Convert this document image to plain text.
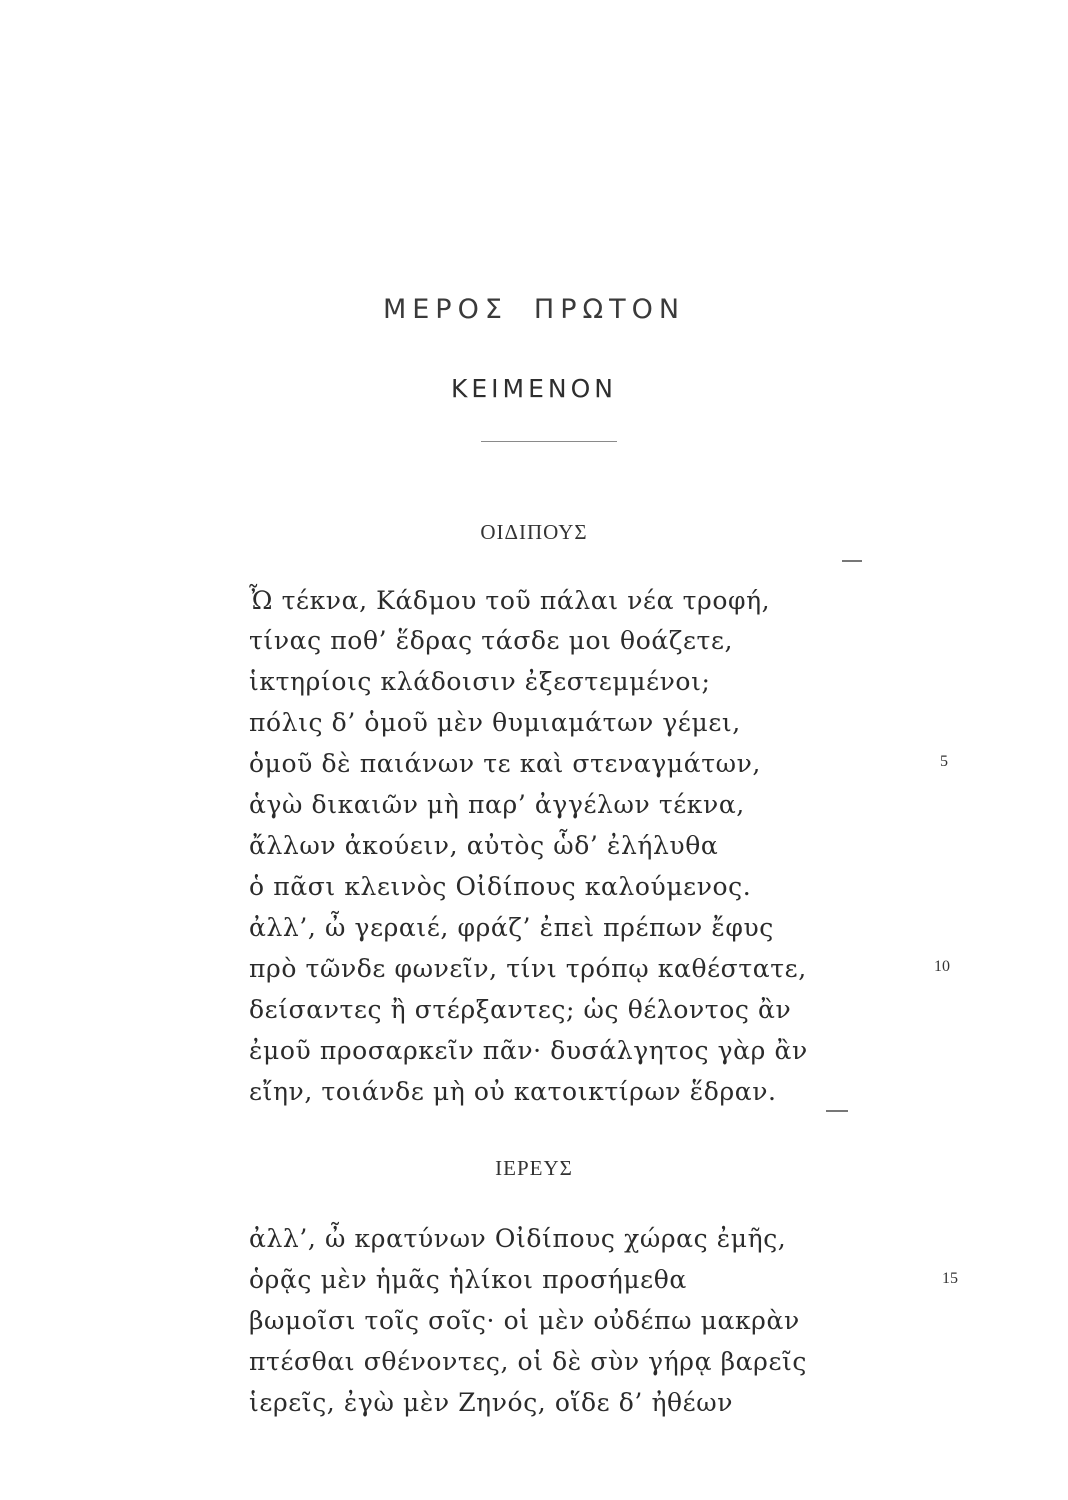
ΜΕΡΟΣ ΠΡΩΤΟΝ
ΚΕΙΜΕΝΟΝ
ΟΙΔΙΠΟΥΣ
Ὦ τέκνα, Κάδμου τοῦ πάλαι νέα τροφή,
τίνας ποθ’ ἕδρας τάσδε μοι θοάζετε,
ἱκτηρίοις κλάδοισιν ἐξεστεμμένοι;
πόλις δ’ ὁμοῦ μὲν θυμιαμάτων γέμει,
ὁμοῦ δὲ παιάνων τε καὶ στεναγμάτων,
ἁγὼ δικαιῶν μὴ παρ’ ἀγγέλων τέκνα,
ἄλλων ἀκούειν, αὐτὸς ὧδ’ ἐλήλυθα
ὁ πᾶσι κλεινὸς Οἰδίπους καλούμενος.
ἀλλ’, ὦ γεραιέ, φράζ’ ἐπεὶ πρέπων ἔφυς
πρὸ τῶνδε φωνεῖν, τίνι τρόπῳ καθέστατε,
δείσαντες ἢ στέρξαντες; ὡς θέλοντος ἂν
ἐμοῦ προσαρκεῖν πᾶν· δυσάλγητος γὰρ ἂν
εἴην, τοιάνδε μὴ οὐ κατοικτίρων ἕδραν.
5
10
ΙΕΡΕΥΣ
ἀλλ’, ὦ κρατύνων Οἰδίπους χώρας ἐμῆς,
ὁρᾷς μὲν ἡμᾶς ἡλίκοι προσήμεθα
βωμοῖσι τοῖς σοῖς· οἱ μὲν οὐδέπω μακρὰν
πτέσθαι σθένοντες, οἱ δὲ σὺν γήρᾳ βαρεῖς
ἱερεῖς, ἐγὼ μὲν Ζηνός, οἵδε δ’ ἠθέων
15
